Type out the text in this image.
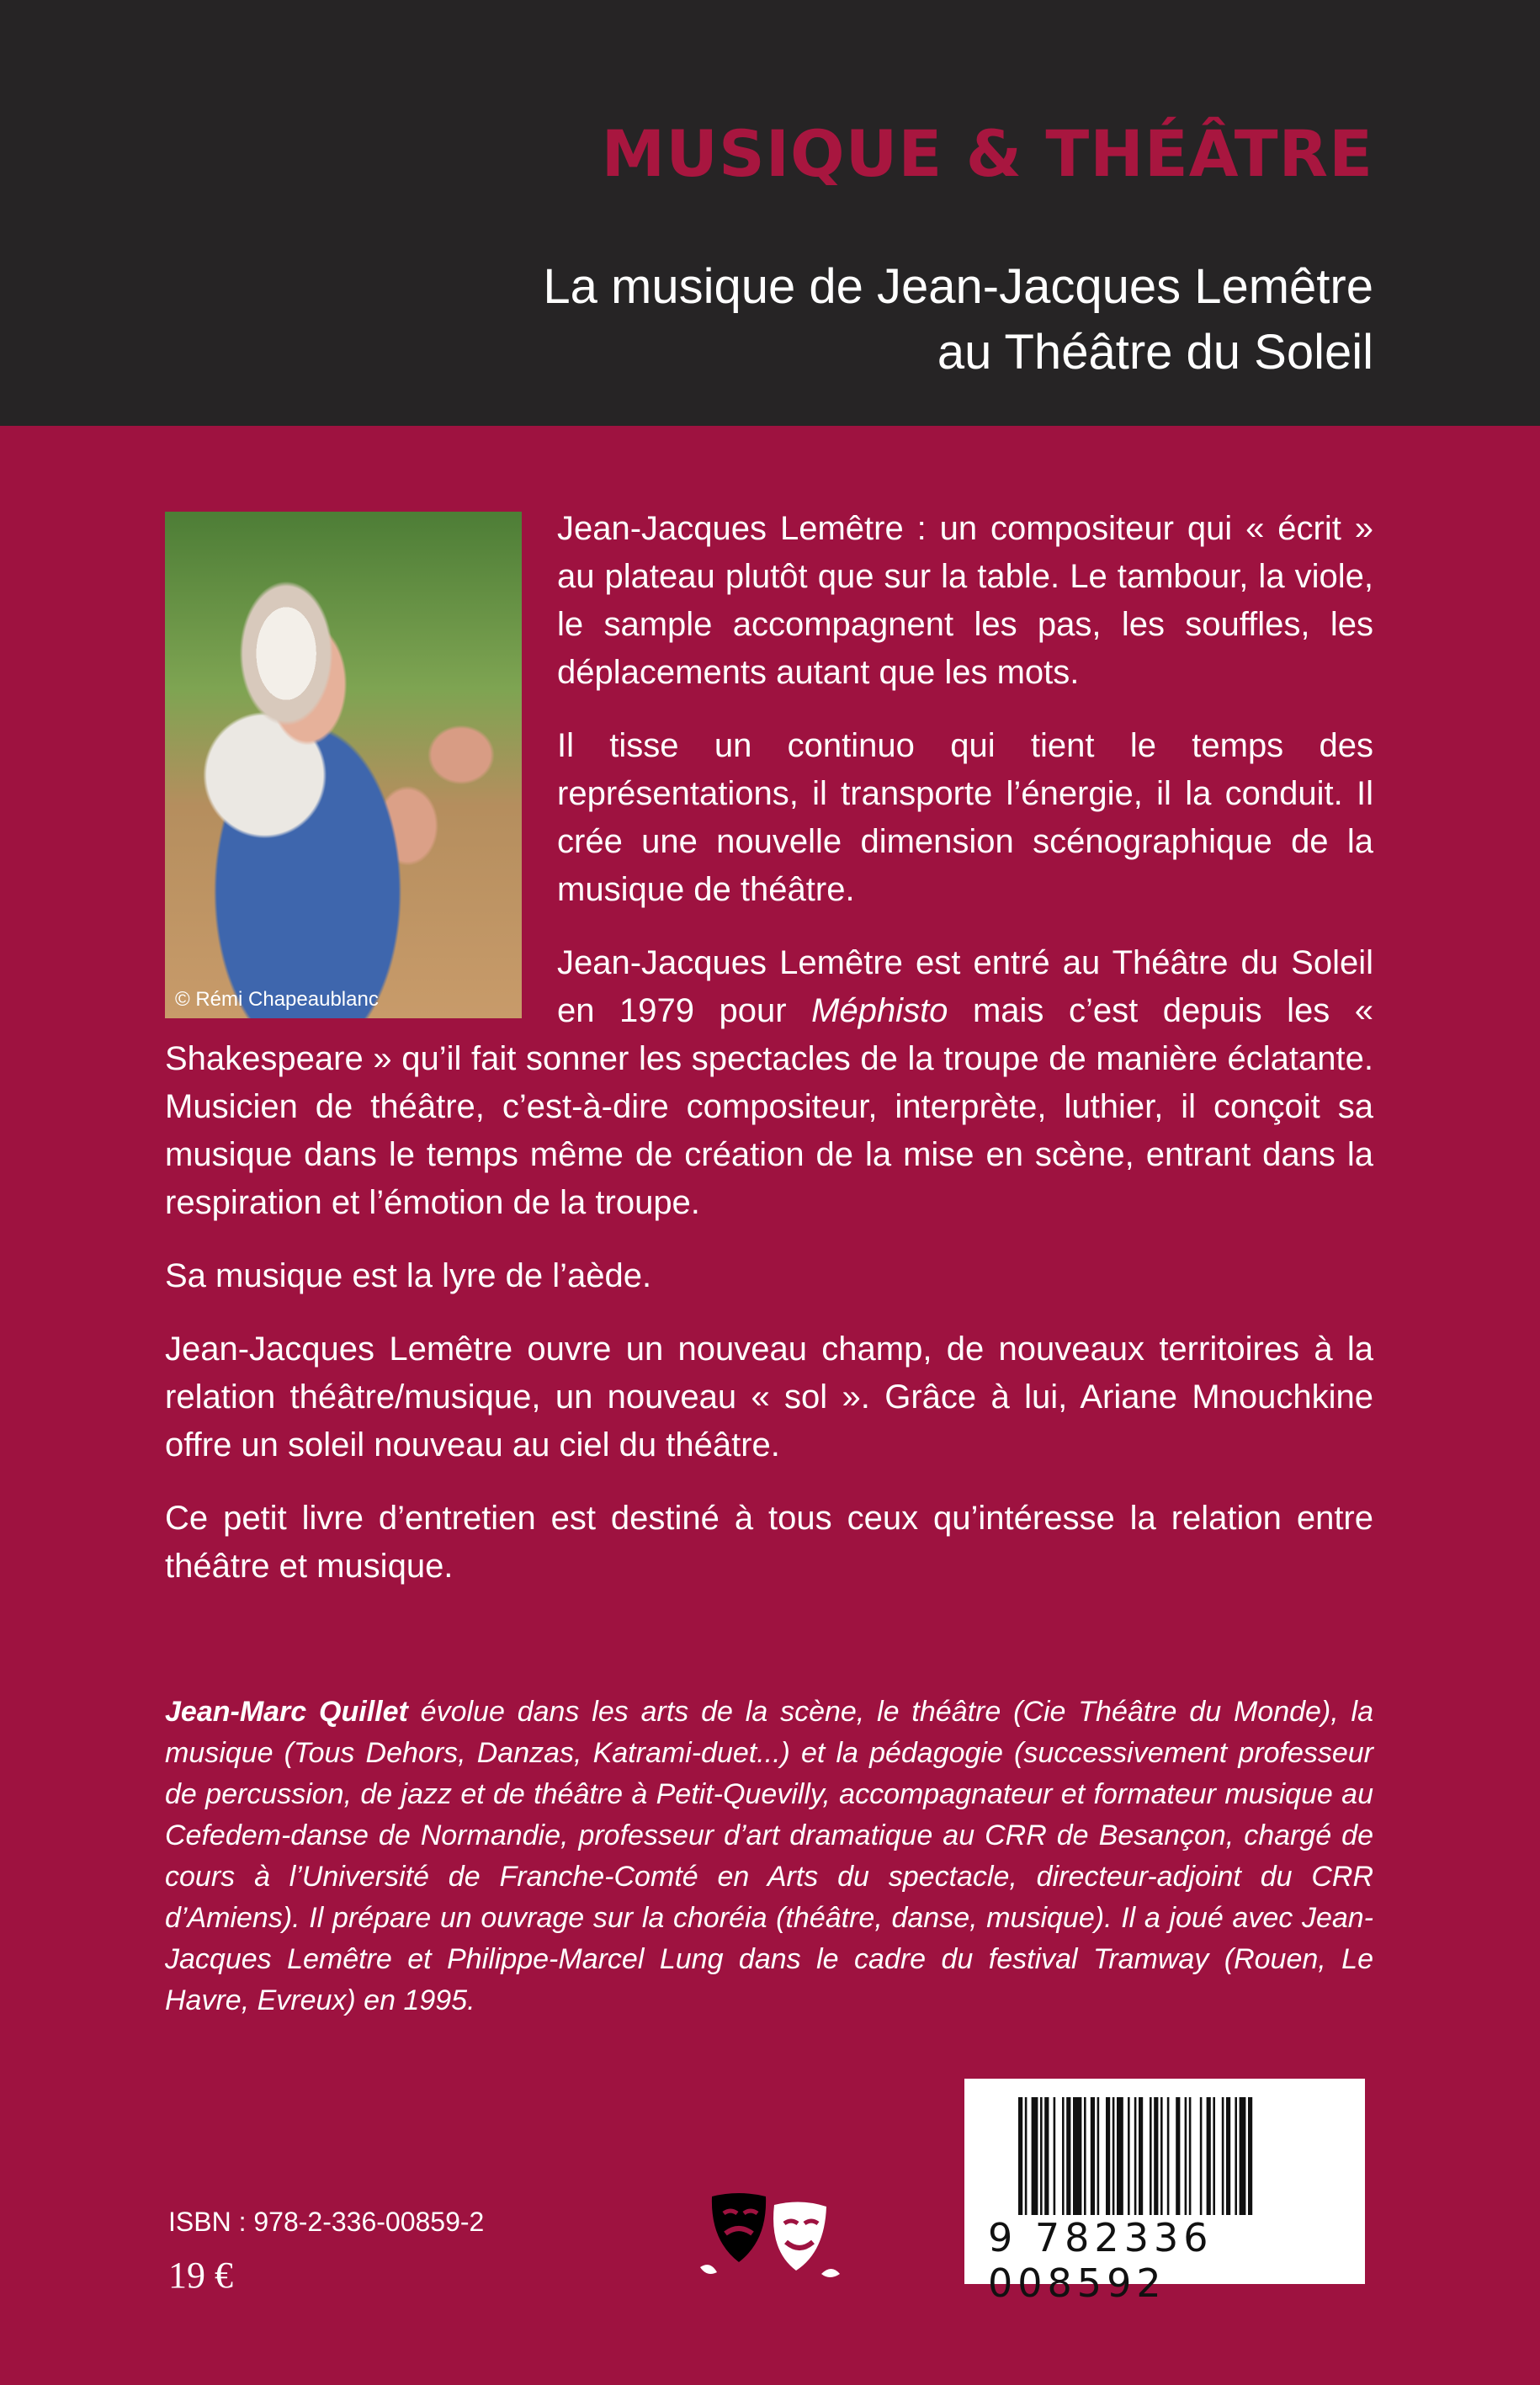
MUSIQUE & THÉÂTRE
La musique de Jean-Jacques Lemêtre
au Théâtre du Soleil
© Rémi Chapeaublanc

Jean-Jacques Lemêtre : un compositeur qui « écrit » au plateau plutôt que sur la table. Le tambour, la viole, le sample accompagnent les pas, les souffles, les déplacements autant que les mots.

Il tisse un continuo qui tient le temps des représentations, il transporte l’énergie, il la conduit. Il crée une nouvelle dimension scénographique de la musique de théâtre.

Jean-Jacques Lemêtre est entré au Théâtre du Soleil en 1979 pour Méphisto mais c’est depuis les « Shakespeare » qu’il fait sonner les spectacles de la troupe de manière éclatante. Musicien de théâtre, c’est-à-dire compositeur, interprète, luthier, il conçoit sa musique dans le temps même de création de la mise en scène, entrant dans la respiration et l’émotion de la troupe.

Sa musique est la lyre de l’aède.

Jean-Jacques Lemêtre ouvre un nouveau champ, de nouveaux territoires à la relation théâtre/musique, un nouveau « sol ». Grâce à lui, Ariane Mnouchkine offre un soleil nouveau au ciel du théâtre.

Ce petit livre d’entretien est destiné à tous ceux qu’intéresse la relation entre théâtre et musique.

Jean-Marc Quillet évolue dans les arts de la scène, le théâtre (Cie Théâtre du Monde), la musique (Tous Dehors, Danzas, Katrami-duet...) et la pédagogie (successivement professeur de percussion, de jazz et de théâtre à Petit-Quevilly, accompagnateur et formateur musique au Cefedem-danse de Normandie, professeur d’art dramatique au CRR de Besançon, chargé de cours à l’Université de Franche-Comté en Arts du spectacle, directeur-adjoint du CRR d’Amiens). Il prépare un ouvrage sur la choréia (théâtre, danse, musique). Il a joué avec Jean-Jacques Lemêtre et Philippe-Marcel Lung dans le cadre du festival Tramway (Rouen, Le Havre, Evreux) en 1995.

9 782336 008592

ISBN : 978-2-336-00859-2

19 €
